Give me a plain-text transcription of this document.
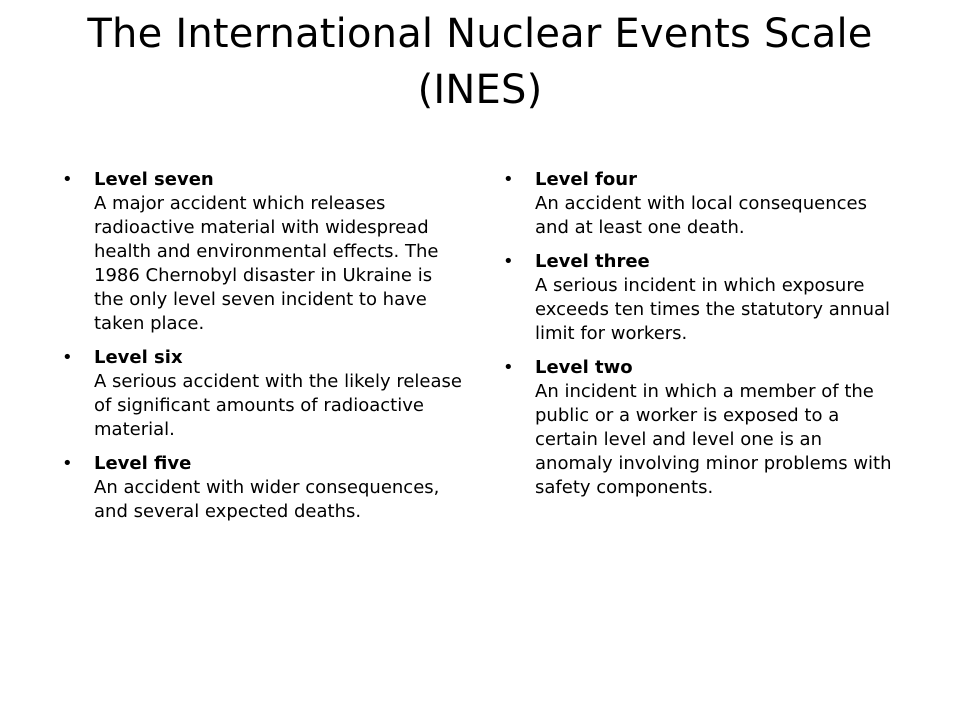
The International Nuclear Events Scale
(INES)
•	Level seven
A major accident which releases radioactive material with widespread health and environmental effects. The 1986 Chernobyl disaster in Ukraine is the only level seven incident to have taken place.
•	Level six
A serious accident with the likely release of significant amounts of radioactive material.
•	Level five
An accident with wider consequences, and several expected deaths.
•	Level four
An accident with local consequences and at least one death.
•	Level three
A serious incident in which exposure exceeds ten times the statutory annual limit for workers.
•	Level two
An incident in which a member of the public or a worker is exposed to a certain level and level one is an anomaly involving minor problems with safety components.
